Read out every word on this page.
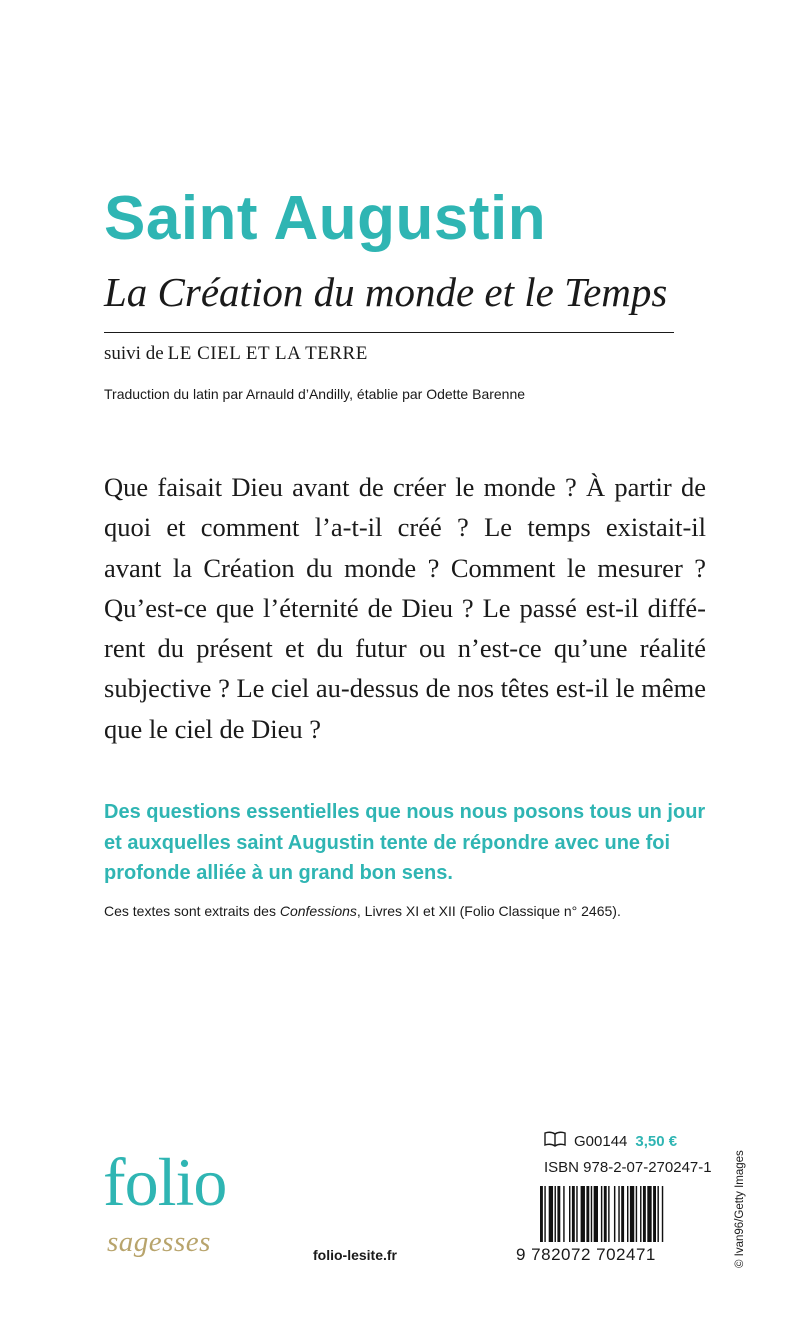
Saint Augustin
La Création du monde et le Temps
suivi de LE CIEL ET LA TERRE
Traduction du latin par Arnauld d’Andilly, établie par Odette Barenne
Que faisait Dieu avant de créer le monde ? À partir de
quoi et comment l’a-t-il créé ? Le temps existait-il
avant la Création du monde ? Comment le mesurer ?
Qu’est-ce que l’éternité de Dieu ? Le passé est-il diffé-
rent du présent et du futur ou n’est-ce qu’une réalité
subjective ? Le ciel au-dessus de nos têtes est-il le même
que le ciel de Dieu ?
Des questions essentielles que nous nous posons tous un jour
et auxquelles saint Augustin tente de répondre avec une foi
profonde alliée à un grand bon sens.
Ces textes sont extraits des Confessions, Livres XI et XII (Folio Classique n° 2465).
G00144 3,50 €
ISBN 978-2-07-270247-1
9 782072 702471	© Ivan96/Getty Images
folio
sagesses	folio-lesite.fr
